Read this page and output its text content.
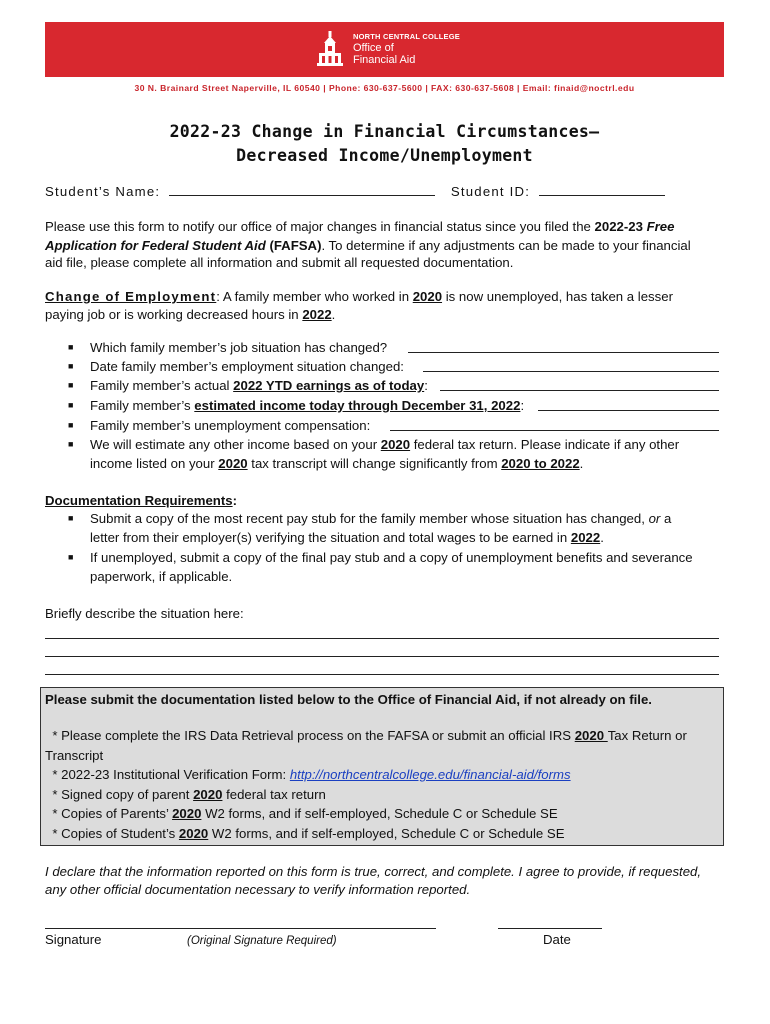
NORTH CENTRAL COLLEGE
Office of
Financial Aid
30 N. Brainard Street Naperville, IL 60540 | Phone: 630-637-5600 | FAX: 630-637-5608 | Email: finaid@noctrl.edu
2022-23 Change in Financial Circumstances–
Decreased Income/Unemployment
Student’s Name:	Student ID:
Please use this form to notify our office of major changes in financial status since you filed the 2022-23 Free
Application for Federal Student Aid (FAFSA). To determine if any adjustments can be made to your financial
aid file, please complete all information and submit all requested documentation.
Change of Employment: A family member who worked in 2020 is now unemployed, has taken a lesser
paying job or is working decreased hours in 2022.
■ Which family member’s job situation has changed?
■ Date family member’s employment situation changed:
■ Family member’s actual 2022 YTD earnings as of today:
■ Family member’s estimated income today through December 31, 2022:
■ Family member’s unemployment compensation:
■ We will estimate any other income based on your 2020 federal tax return. Please indicate if any other
income listed on your 2020 tax transcript will change significantly from 2020 to 2022.
Documentation Requirements:
■ Submit a copy of the most recent pay stub for the family member whose situation has changed, or a
letter from their employer(s) verifying the situation and total wages to be earned in 2022.
■ If unemployed, submit a copy of the final pay stub and a copy of unemployment benefits and severance
paperwork, if applicable.
Briefly describe the situation here:
Please submit the documentation listed below to the Office of Financial Aid, if not already on file.
* Please complete the IRS Data Retrieval process on the FAFSA or submit an official IRS 2020 Tax Return or
Transcript
* 2022-23 Institutional Verification Form: http://northcentralcollege.edu/financial-aid/forms
* Signed copy of parent 2020 federal tax return
* Copies of Parents’ 2020 W2 forms, and if self-employed, Schedule C or Schedule SE
* Copies of Student’s 2020 W2 forms, and if self-employed, Schedule C or Schedule SE
I declare that the information reported on this form is true, correct, and complete. I agree to provide, if requested,
any other official documentation necessary to verify information reported.
Signature	(Original Signature Required)	Date
